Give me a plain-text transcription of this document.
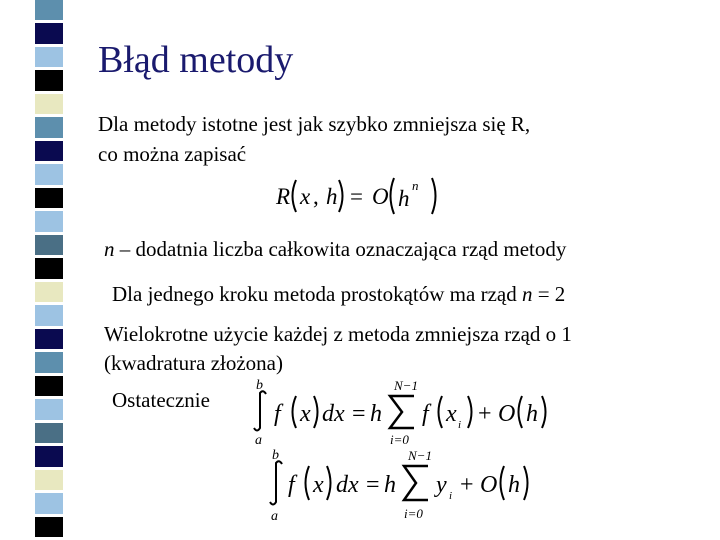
Błąd metody
Dla metody istotne jest jak szybko zmniejsza się R,
co można zapisać
R x , h = O h
n
n – dodatnia liczba całkowita oznaczająca rząd metody
Dla jednego kroku metoda prostokątów ma rząd n = 2
Wielokrotne użycie każdej z metoda zmniejsza rząd o 1
(kwadratura złożona)
Ostatecznie
b
a
f x dx = h
N−1
i=0
f x i + O h
b
a
f x dx = h
N−1
i=0
y i + O h
